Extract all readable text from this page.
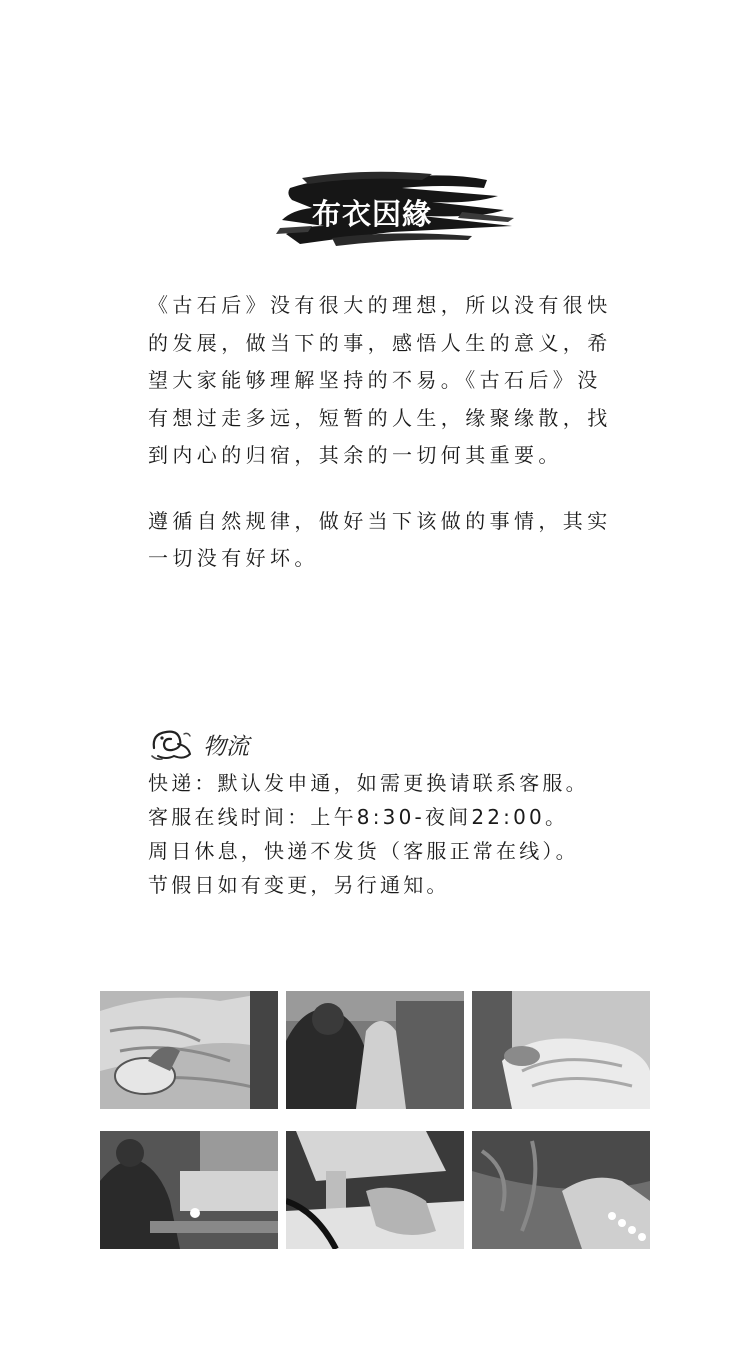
布衣因緣

《古石后》没有很大的理想，所以没有很快的发展，做当下的事，感悟人生的意义，希望大家能够理解坚持的不易。《古石后》没有想过走多远，短暂的人生，缘聚缘散，找到内心的归宿，其余的一切何其重要。

遵循自然规律，做好当下该做的事情，其实一切没有好坏。

物流
快递：默认发申通，如需更换请联系客服。
客服在线时间：上午8:30-夜间22:00。
周日休息，快递不发货（客服正常在线）。
节假日如有变更，另行通知。
